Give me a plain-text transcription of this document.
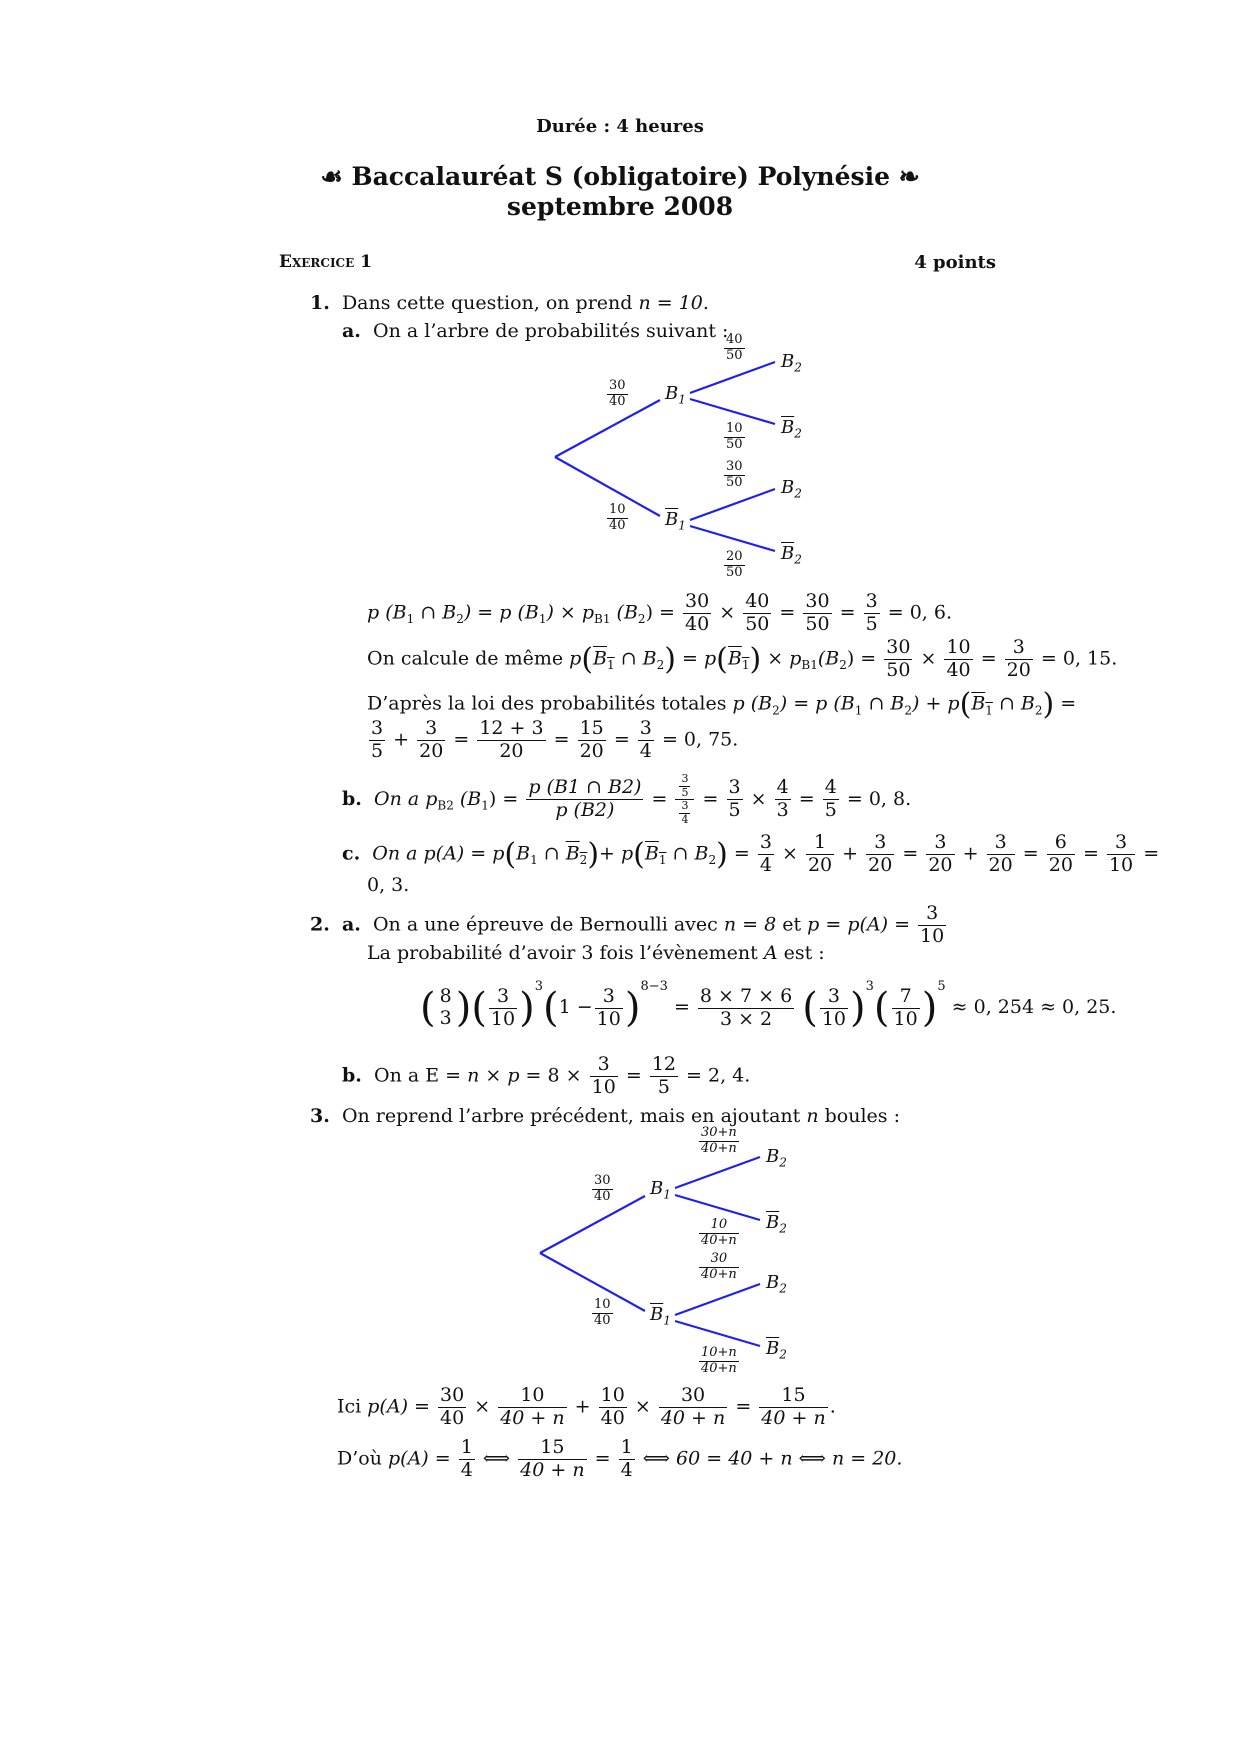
Durée : 4 heures
☙ Baccalauréat S (obligatoire) Polynésie ❧
septembre 2008
Exercice 1	4 points
1. Dans cette question, on prend n = 10.
a. On a l’arbre de probabilités suivant :
$B_1$
$\overline{B}_1$
$B_2$
$\overline{B}_2$
$B_2$
$\overline{B}_2$
$\frac{30}{40}$
$\frac{10}{40}$
$\frac{40}{50}$
$\frac{10}{50}$
$\frac{30}{50}$
$\frac{20}{50}$
p ($B_1$ ∩ $B_2) = p$ $(B_1) \times p_{B1}$ $(B_2) = \frac{30}{40} \times \frac{40}{50} = \frac{30}{50} = \frac{3}{5} = 0$, 6.
On calcule de même $p(\overline{B}_1$ ∩ $B_2) = p(\overline{B}_1) \times p_{B1}(B_2) = \frac{30}{50} \times \frac{10}{40} = \frac{3}{20} = 0$, 15.
D’après la loi des probabilités totales p $(B_2) = p$ ($B_1$ ∩ $B_2) + p(\overline{B}_1$ ∩ $B_2$) =
$\frac{3}{5} + \frac{3}{20} = \frac{12 + 3}{20} = \frac{15}{20} = \frac{3}{4} = 0$, 75.
b. On a $p_{B2}$ $(B_1) = \frac{p (B1 \cap B2)}{p (B2)} = \frac{\frac{3}{5}}{\frac{3}{4}} = \frac{3}{5} \times \frac{4}{3} = \frac{4}{5} = 0$, 8.
c. On a $p(A) = p(B_1$ ∩ $\overline{B}_2)+ p(\overline{B}_1$ ∩ $B_2) = \frac{3}{4} \times \frac{1}{20} + \frac{3}{20} = \frac{3}{20} + \frac{3}{20} = \frac{6}{20} = \frac{3}{10}$ =
0, 3.
2. a. On a une épreuve de Bernoulli avec n = 8 et $p = p(A) = \frac{3}{10}$
La probabilité d’avoir 3 fois l’évènement A est :
( 8
3 )( $\frac{3}{10} )^3(1 - \frac{3}{10} )^{8-3} = \frac{8 \times 7 \times 6}{3 \times 2}$ ( $\frac{3}{10} )^3( \frac{7}{10} )^5 \approx 0$, 254 ≈ 0, 25.
b. On a $E = n \times p = 8 \times \frac{3}{10} = \frac{12}{5} = 2$, 4.
3. On reprend l’arbre précédent, mais en ajoutant n boules :
$B_1$
$\overline{B}_1$
$B_2$
$\overline{B}_2$
$B_2$
$\overline{B}_2$
$\frac{30}{40}$
$\frac{10}{40}$
$\frac{30+n}{40+n}$
$\frac{10}{40+n}$
$\frac{30}{40+n}$
$\frac{10+n}{40+n}$
Ici $p(A) = \frac{30}{40} \times \frac{10}{40 + n} + \frac{10}{40} \times \frac{30}{40 + n} = \frac{15}{40 + n}$ .
D’où $p(A) = \frac{1}{4}$ ⟺ $\frac{15}{40 + n} = \frac{1}{4}$ ⟺ 60 = 40 + n ⟺ n = 20.
